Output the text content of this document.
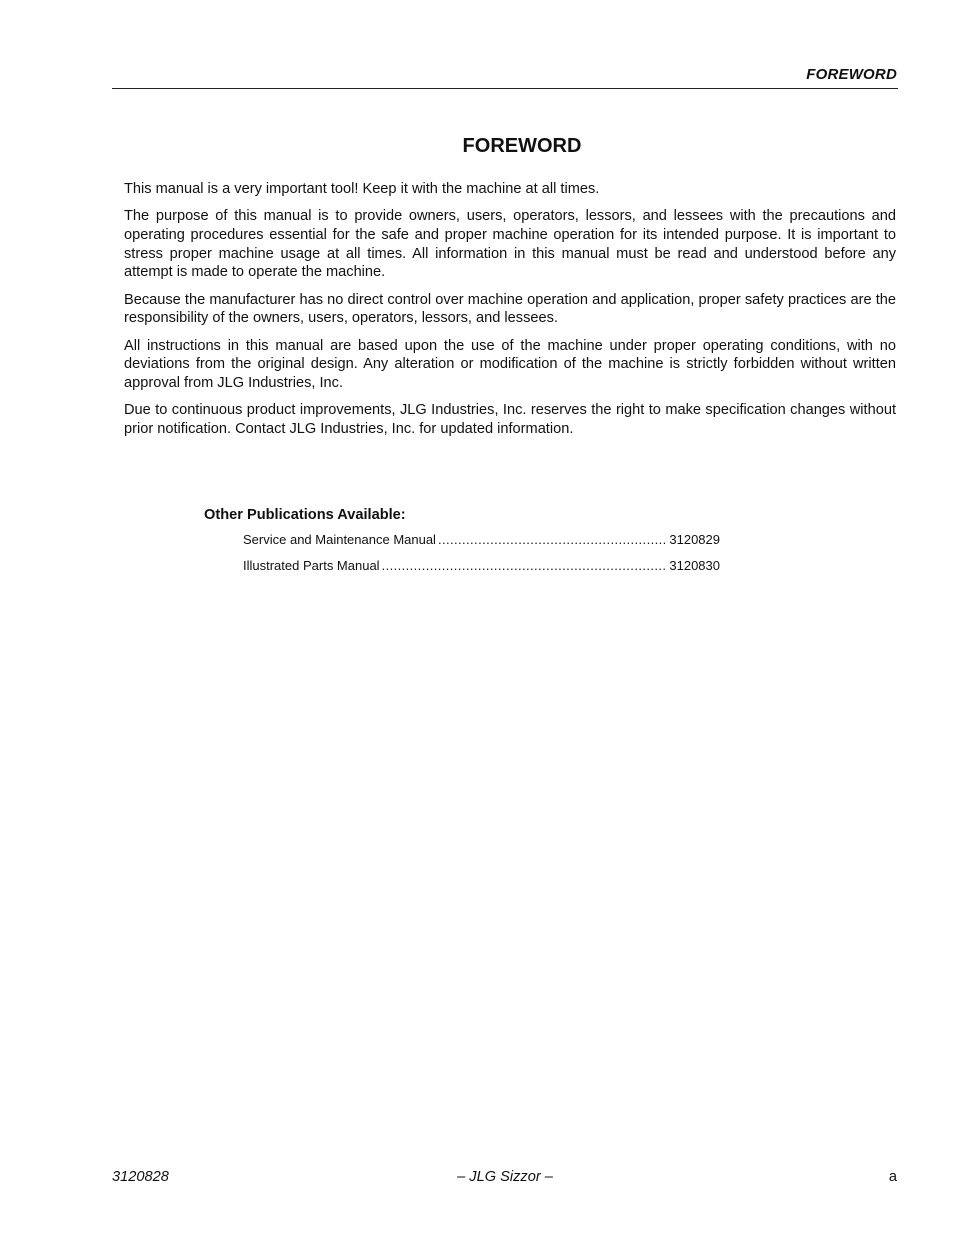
FOREWORD
FOREWORD

This manual is a very important tool! Keep it with the machine at all times.

The purpose of this manual is to provide owners, users, operators, lessors, and lessees with the precautions and operating procedures essential for the safe and proper machine operation for its intended purpose. It is important to stress proper machine usage at all times. All information in this manual must be read and understood before any attempt is made to operate the machine.

Because the manufacturer has no direct control over machine operation and application, proper safety practices are the responsibility of the owners, users, operators, lessors, and lessees.

All instructions in this manual are based upon the use of the machine under proper operating conditions, with no deviations from the original design. Any alteration or modification of the machine is strictly forbidden without written approval from JLG Industries, Inc.

Due to continuous product improvements, JLG Industries, Inc. reserves the right to make specification changes without prior notification. Contact JLG Industries, Inc. for updated information.

Other Publications Available:
Service and Maintenance Manual .....	3120829
Illustrated Parts Manual .....	3120830
3120828	– JLG Sizzor –	a
